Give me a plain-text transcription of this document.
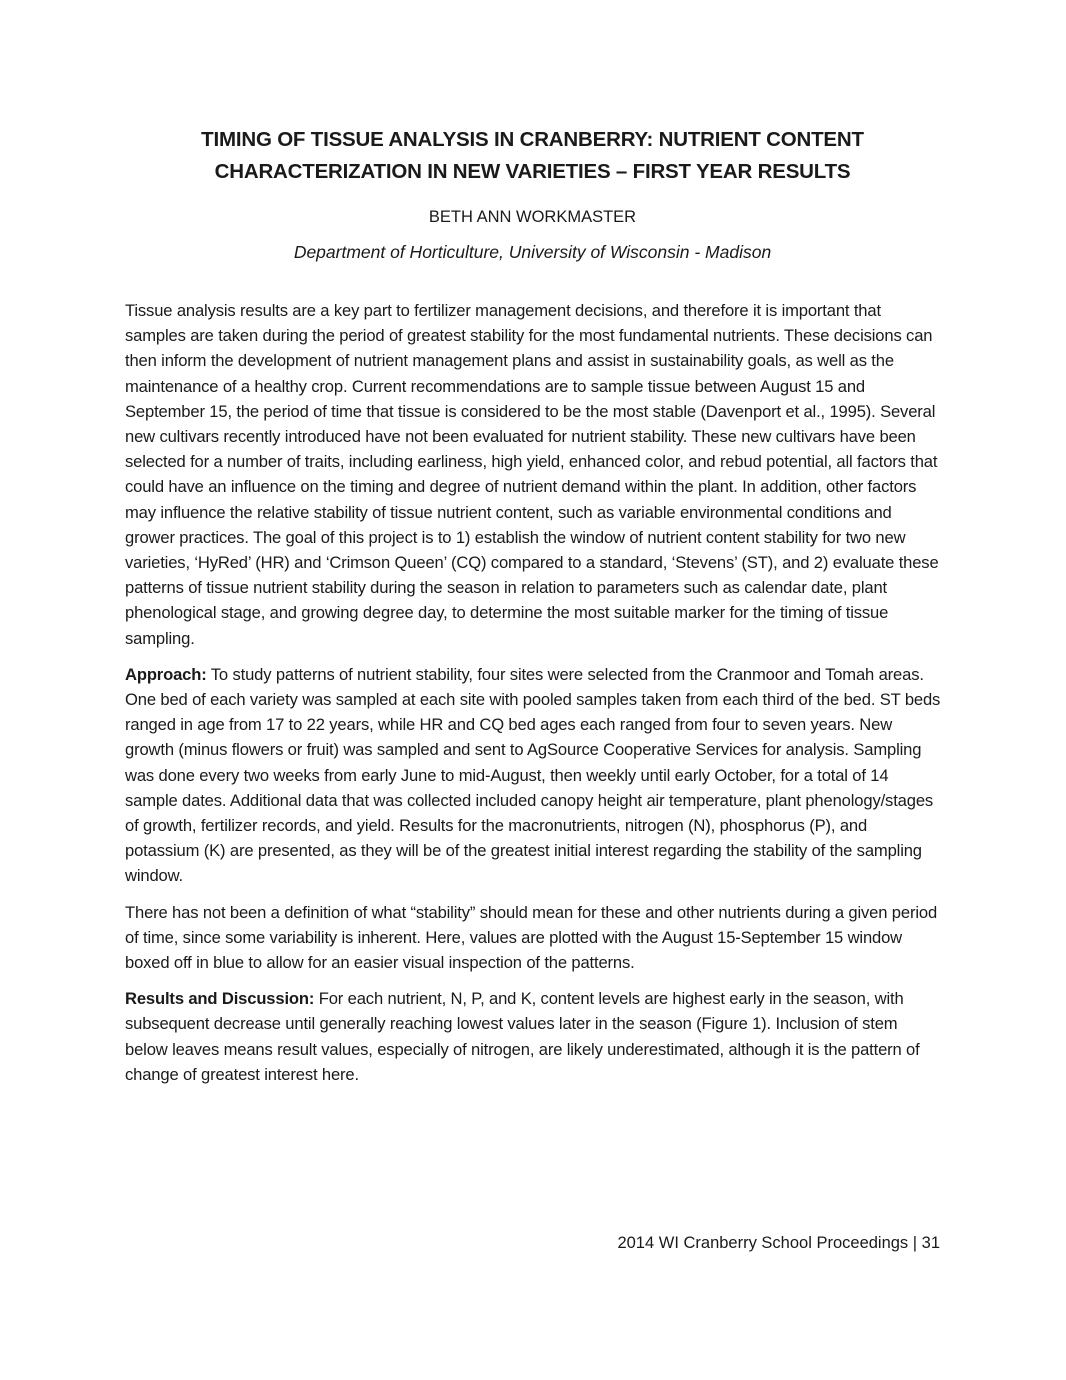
TIMING OF TISSUE ANALYSIS IN CRANBERRY: NUTRIENT CONTENT
CHARACTERIZATION IN NEW VARIETIES – FIRST YEAR RESULTS
BETH ANN WORKMASTER
Department of Horticulture, University of Wisconsin - Madison

Tissue analysis results are a key part to fertilizer management decisions, and therefore it is important that samples are taken during the period of greatest stability for the most fundamental nutrients. These decisions can then inform the development of nutrient management plans and assist in sustainability goals, as well as the maintenance of a healthy crop. Current recommendations are to sample tissue between August 15 and September 15, the period of time that tissue is considered to be the most stable (Davenport et al., 1995). Several new cultivars recently introduced have not been evaluated for nutrient stability. These new cultivars have been selected for a number of traits, including earliness, high yield, enhanced color, and rebud potential, all factors that could have an influence on the timing and degree of nutrient demand within the plant. In addition, other factors may influence the relative stability of tissue nutrient content, such as variable environmental conditions and grower practices. The goal of this project is to 1) establish the window of nutrient content stability for two new varieties, ‘HyRed’ (HR) and ‘Crimson Queen’ (CQ) compared to a standard, ‘Stevens’ (ST), and 2) evaluate these patterns of tissue nutrient stability during the season in relation to parameters such as calendar date, plant phenological stage, and growing degree day, to determine the most suitable marker for the timing of tissue sampling.

Approach: To study patterns of nutrient stability, four sites were selected from the Cranmoor and Tomah areas. One bed of each variety was sampled at each site with pooled samples taken from each third of the bed. ST beds ranged in age from 17 to 22 years, while HR and CQ bed ages each ranged from four to seven years. New growth (minus flowers or fruit) was sampled and sent to AgSource Cooperative Services for analysis. Sampling was done every two weeks from early June to mid-August, then weekly until early October, for a total of 14 sample dates. Additional data that was collected included canopy height air temperature, plant phenology/stages of growth, fertilizer records, and yield. Results for the macronutrients, nitrogen (N), phosphorus (P), and potassium (K) are presented, as they will be of the greatest initial interest regarding the stability of the sampling window.

There has not been a definition of what “stability” should mean for these and other nutrients during a given period of time, since some variability is inherent. Here, values are plotted with the August 15-September 15 window boxed off in blue to allow for an easier visual inspection of the patterns.

Results and Discussion: For each nutrient, N, P, and K, content levels are highest early in the season, with subsequent decrease until generally reaching lowest values later in the season (Figure 1). Inclusion of stem below leaves means result values, especially of nitrogen, are likely underestimated, although it is the pattern of change of greatest interest here.

2014 WI Cranberry School Proceedings | 31
